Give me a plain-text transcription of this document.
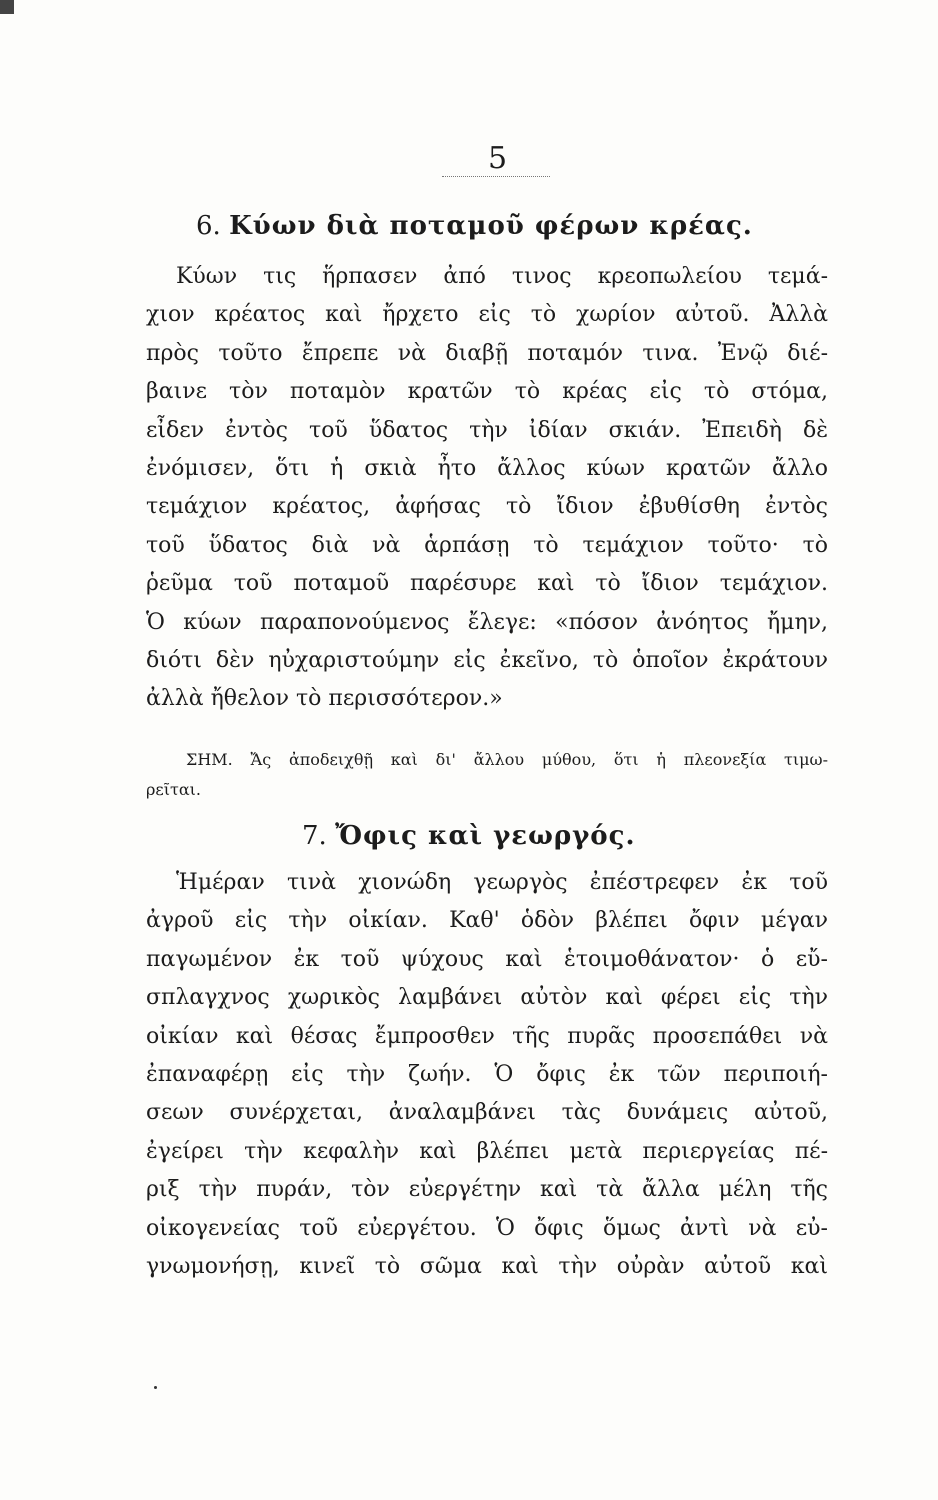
5
6. Κύων διὰ ποταμοῦ φέρων κρέας.
Κύων τις ἥρπασεν ἀπό τινος κρεοπωλείου τεμά-
χιον κρέατος καὶ ἤρχετο εἰς τὸ χωρίον αὐτοῦ. Ἀλλὰ
πρὸς τοῦτο ἔπρεπε νὰ διαβῇ ποταμόν τινα. Ἐνῷ διέ-
βαινε τὸν ποταμὸν κρατῶν τὸ κρέας εἰς τὸ στόμα,
εἶδεν ἐντὸς τοῦ ὕδατος τὴν ἰδίαν σκιάν. Ἐπειδὴ δὲ
ἐνόμισεν, ὅτι ἡ σκιὰ ἦτο ἄλλος κύων κρατῶν ἄλλο
τεμάχιον κρέατος, ἀφήσας τὸ ἴδιον ἐβυθίσθη ἐντὸς
τοῦ ὕδατος διὰ νὰ ἁρπάσῃ τὸ τεμάχιον τοῦτο· τὸ
ῥεῦμα τοῦ ποταμοῦ παρέσυρε καὶ τὸ ἴδιον τεμάχιον.
Ὁ κύων παραπονούμενος ἔλεγε: «πόσον ἀνόητος ἤμην,
διότι δὲν ηὐχαριστούμην εἰς ἐκεῖνο, τὸ ὁποῖον ἐκράτουν
ἀλλὰ ἤθελον τὸ περισσότερον.»
ΣΗΜ. Ἄς ἀποδειχθῇ καὶ δι' ἄλλου μύθου, ὅτι ἡ πλεονεξία τιμω-
ρεῖται.
7. Ὄφις καὶ γεωργός.
Ἡμέραν τινὰ χιονώδη γεωργὸς ἐπέστρεφεν ἐκ τοῦ
ἀγροῦ εἰς τὴν οἰκίαν. Καθ' ὁδὸν βλέπει ὄφιν μέγαν
παγωμένον ἐκ τοῦ ψύχους καὶ ἑτοιμοθάνατον· ὁ εὔ-
σπλαγχνος χωρικὸς λαμβάνει αὐτὸν καὶ φέρει εἰς τὴν
οἰκίαν καὶ θέσας ἔμπροσθεν τῆς πυρᾶς προσεπάθει νὰ
ἐπαναφέρῃ εἰς τὴν ζωήν. Ὁ ὄφις ἐκ τῶν περιποιή-
σεων συνέρχεται, ἀναλαμβάνει τὰς δυνάμεις αὐτοῦ,
ἐγείρει τὴν κεφαλὴν καὶ βλέπει μετὰ περιεργείας πέ-
ριξ τὴν πυράν, τὸν εὐεργέτην καὶ τὰ ἄλλα μέλη τῆς
οἰκογενείας τοῦ εὐεργέτου. Ὁ ὄφις ὅμως ἀντὶ νὰ εὐ-
γνωμονήσῃ, κινεῖ τὸ σῶμα καὶ τὴν οὐρὰν αὐτοῦ καὶ
